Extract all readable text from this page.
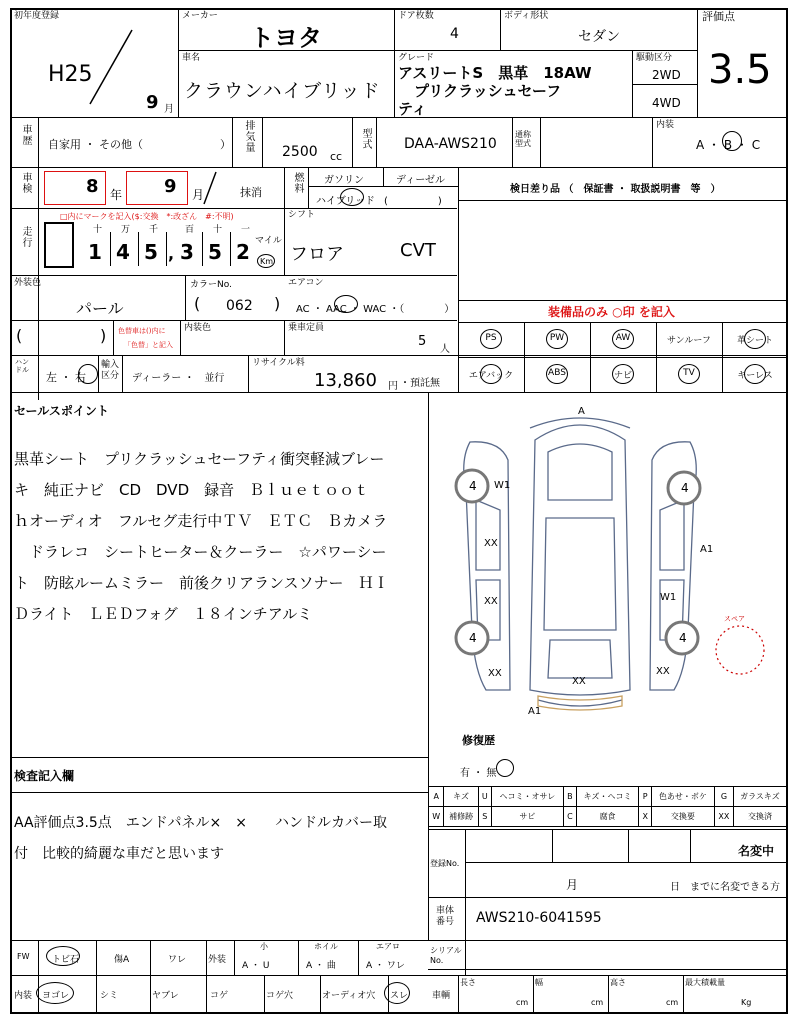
初年度登録
H25
9 月
メーカー
トヨタ
ドア枚数
4
ボディ形状
セダン
評価点
3.5
車名
クラウンハイブリッド
グレード
アスリートS　黒革　18AW
プリクラッシュセーフ
ティ
駆動区分
2WD
4WD
車歴 自家用 ・ その他（　　　　　　　） 排気量 2500 cc
型式 DAA-AWS210
通称型式
内装
A ・ B ・ C
車検	8 年 9 月	抹消	燃料 ガソリン	ディーゼル
ハイブリッド (　　　　　)
検日差り品 （　保証書 ・ 取扱説明書　等　）
走行
□内にマークを記入($:交換　*:改ざん　#:不明)
十
1
万
4
千
5
百
3
十
5
一
2
,
マイル
Km
シフト
フロア	CVT
外装色
パール
カラーNo.
( 062 )
エアコン
AC ・ AAC ・ WAC ・（　　　　）
(	) 色替車は()内に
「色替」と記入
内装色	乗車定員
5
人
装備品のみ ○印 を記入
PS	PW	AW	サンルーフ	革シート
エアバック	ABS	ナビ	TV	キーレス
ハンドル
左 ・ 右
輸入区分 ディーラー ・　並行
リサイクル料
13,860 円 ・預託無
セールスポイント
黒革シート　プリクラッシュセーフティ衝突軽減ブレー
キ　純正ナビ　CD　DVD　録音　Ｂｌｕｅｔｏｏｔ
ｈオーディオ　フルセグ走行中ＴＶ　ＥＴＣ　Ｂカメラ
　ドラレコ　シートヒーター＆クーラー　☆パワーシー
ト　防眩ルームミラー　前後クリアランスソナー　ＨＩ
Ｄライト　ＬＥＤフォグ　１８インチアルミ
検査記入欄
AA評価点3.5点　エンドパネル×　×　　ハンドルカバー取
付　比較的綺麗な車だと思います
A
W1
A1
W1
XX
XX
XX
XX
XX
A1
4	4
4	4
スペア
修復歴
有 ・ 無
A	キズ	U	ヘコミ・オサレ	B	キズ・ヘコミ	P	色あせ・ボケ	G	ガラスキズ
W	補修跡	S	サビ	C	腐食	X	交換要	XX	交換済
登録No.
名変中
月	日　までに名変できる方
車体番号	AWS210-6041595
FW トビ石	傷A	ワレ 外装
小	ホイル	エアロ
A ・ U	A ・ 曲	A ・ ワレ
シリアルNo.
内装 ヨゴレ	シミ	ヤブレ	コゲ	コゲ穴	オーディオ穴 スレ	車輌
長さ
cm
幅
cm
高さ
cm
最大積載量
Kg
